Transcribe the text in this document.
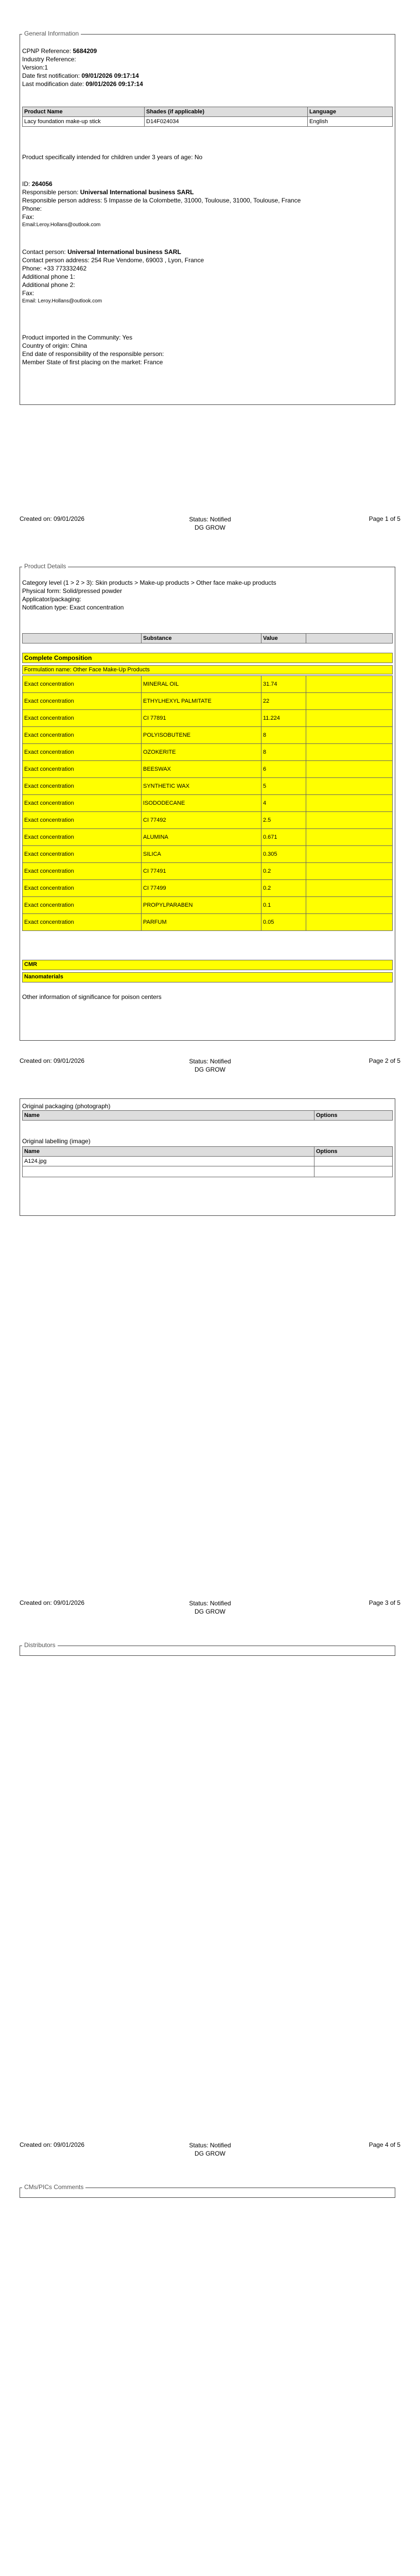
General Information
CPNP Reference: 5684209
Industry Reference:
Version:1
Date first notification: 09/01/2026 09:17:14
Last modification date: 09/01/2026 09:17:14
Product Name	Shades (if applicable)	Language
Lacy foundation make-up stick	D14F024034	English
Product specifically intended for children under 3 years of age: No
ID: 264056
Responsible person: Universal International business SARL
Responsible person address: 5 Impasse de la Colombette, 31000, Toulouse, 31000, Toulouse, France
Phone:
Fax:
Email:Leroy.Hollans@outlook.com
Contact person: Universal International business SARL
Contact person address: 254 Rue Vendome, 69003 , Lyon, France
Phone: +33 773332462
Additional phone 1:
Additional phone 2:
Fax:
Email: Leroy.Hollans@outlook.com
Product imported in the Community: Yes
Country of origin: China
End date of responsibility of the responsible person:
Member State of first placing on the market: France
Created on: 09/01/2026	Status: Notified
DG GROW
Page 1 of 5
Product Details
Category level (1 > 2 > 3): Skin products > Make-up products > Other face make-up products
Physical form: Solid/pressed powder
Applicator/packaging:
Notification type: Exact concentration
	Substance	Value	
Complete Composition
Formulation name: Other Face Make-Up Products
Exact concentration	MINERAL OIL	31.74	
Exact concentration	ETHYLHEXYL PALMITATE	22	
Exact concentration	CI 77891	11.224	
Exact concentration	POLYISOBUTENE	8	
Exact concentration	OZOKERITE	8	
Exact concentration	BEESWAX	6	
Exact concentration	SYNTHETIC WAX	5	
Exact concentration	ISODODECANE	4	
Exact concentration	CI 77492	2.5	
Exact concentration	ALUMINA	0.671	
Exact concentration	SILICA	0.305	
Exact concentration	CI 77491	0.2	
Exact concentration	CI 77499	0.2	
Exact concentration	PROPYLPARABEN	0.1	
Exact concentration	PARFUM	0.05	
CMR
Nanomaterials
Other information of significance for poison centers
Created on: 09/01/2026	Status: Notified
DG GROW
Page 2 of 5
Original packaging (photograph)
Name	Options
Original labelling (image)
Name	Options
A124.jpg	

Created on: 09/01/2026	Status: Notified
DG GROW
Page 3 of 5
Distributors
Created on: 09/01/2026	Status: Notified
DG GROW
Page 4 of 5
CMs/PICs Comments
